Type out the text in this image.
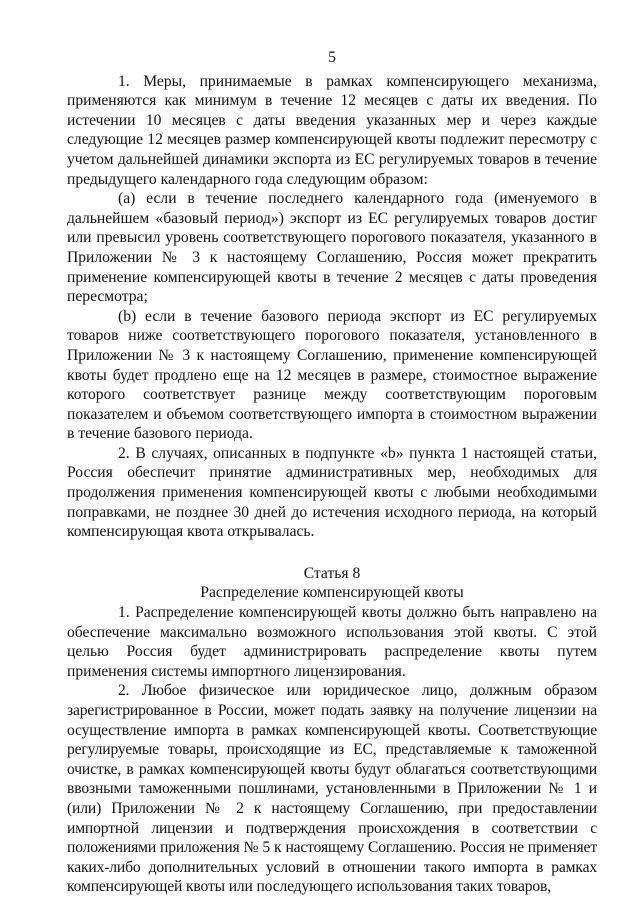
5

1. Меры, принимаемые в рамках компенсирующего механизма, применяются как минимум в течение 12 месяцев с даты их введения. По истечении 10 месяцев с даты введения указанных мер и через каждые следующие 12 месяцев размер компенсирующей квоты подлежит пересмотру с учетом дальнейшей динамики экспорта из ЕС регулируемых товаров в течение предыдущего календарного года следующим образом:

(a) если в течение последнего календарного года (именуемого в дальнейшем «базовый период») экспорт из ЕС регулируемых товаров достиг или превысил уровень соответствующего порогового показателя, указанного в Приложении № 3 к настоящему Соглашению, Россия может прекратить применение компенсирующей квоты в течение 2 месяцев с даты проведения пересмотра;

(b) если в течение базового периода экспорт из ЕС регулируемых товаров ниже соответствующего порогового показателя, установленного в Приложении № 3 к настоящему Соглашению, применение компенсирующей квоты будет продлено еще на 12 месяцев в размере, стоимостное выражение которого соответствует разнице между соответствующим пороговым показателем и объемом соответствующего импорта в стоимостном выражении в течение базового периода.

2. В случаях, описанных в подпункте «b» пункта 1 настоящей статьи, Россия обеспечит принятие административных мер, необходимых для продолжения применения компенсирующей квоты с любыми необходимыми поправками, не позднее 30 дней до истечения исходного периода, на который компенсирующая квота открывалась.

Статья 8

Распределение компенсирующей квоты

1. Распределение компенсирующей квоты должно быть направлено на обеспечение максимально возможного использования этой квоты. С этой целью Россия будет администрировать распределение квоты путем применения системы импортного лицензирования.

2. Любое физическое или юридическое лицо, должным образом зарегистрированное в России, может подать заявку на получение лицензии на осуществление импорта в рамках компенсирующей квоты. Соответствующие регулируемые товары, происходящие из ЕС, представляемые к таможенной очистке, в рамках компенсирующей квоты будут облагаться соответствующими ввозными таможенными пошлинами, установленными в Приложении № 1 и (или) Приложении № 2 к настоящему Соглашению, при предоставлении импортной лицензии и подтверждения происхождения в соответствии с положениями приложения № 5 к настоящему Соглашению. Россия не применяет каких-либо дополнительных условий в отношении такого импорта в рамках компенсирующей квоты или последующего использования таких товаров,
